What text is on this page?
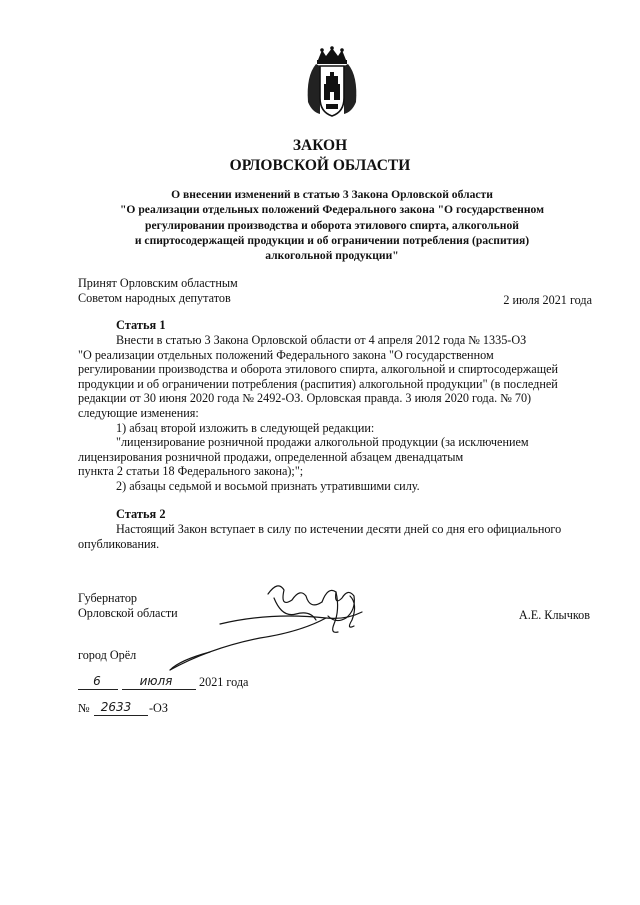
ЗАКОН
ОРЛОВСКОЙ ОБЛАСТИ
О внесении изменений в статью 3 Закона Орловской области
"О реализации отдельных положений Федерального закона "О государственном
регулировании производства и оборота этилового спирта, алкогольной
и спиртосодержащей продукции и об ограничении потребления (распития)
алкогольной продукции"
Принят Орловским областным
Советом народных депутатов	2 июля 2021 года
Статья 1

Внести в статью 3 Закона Орловской области от 4 апреля 2012 года № 1335-ОЗ

"О реализации отдельных положений Федерального закона "О государственном

регулировании производства и оборота этилового спирта, алкогольной и спиртосодержащей

продукции и об ограничении потребления (распития) алкогольной продукции" (в последней

редакции от 30 июня 2020 года № 2492-ОЗ. Орловская правда. 3 июля 2020 года. № 70)

следующие изменения:

1) абзац второй изложить в следующей редакции:

"лицензирование розничной продажи алкогольной продукции (за исключением

лицензирования розничной продажи, определенной абзацем двенадцатым

пункта 2 статьи 18 Федерального закона);";

2) абзацы седьмой и восьмой признать утратившими силу.

Статья 2

Настоящий Закон вступает в силу по истечении десяти дней со дня его официального

опубликования.

Губернатор
Орловской области	А.Е. Клычков
город Орёл
6	июля	2021 года
№ 2633	-ОЗ
